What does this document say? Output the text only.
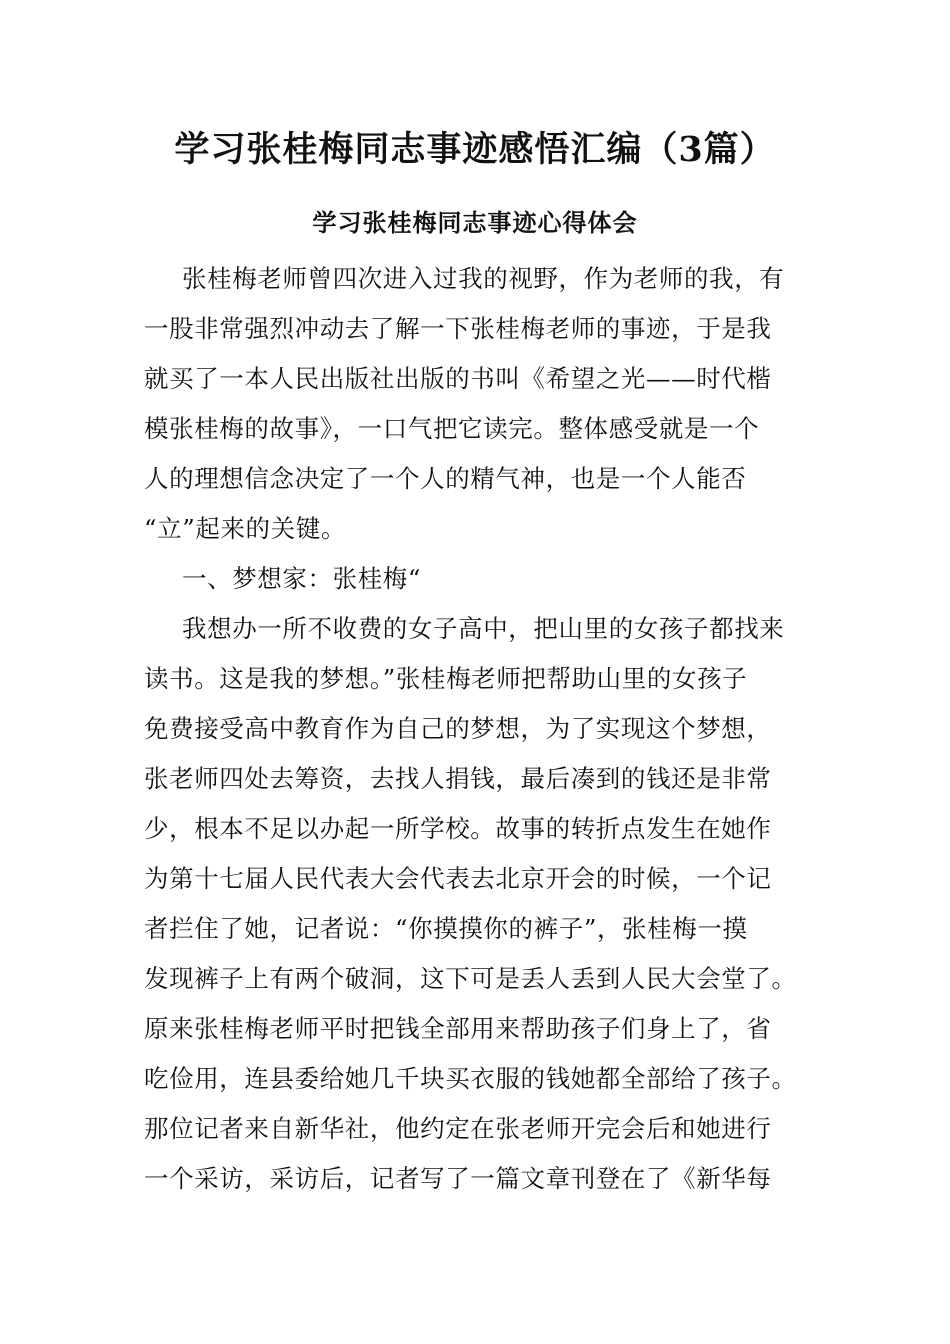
学习张桂梅同志事迹感悟汇编（3篇）
学习张桂梅同志事迹心得体会
张桂梅老师曾四次进入过我的视野，作为老师的我，有
一股非常强烈冲动去了解一下张桂梅老师的事迹，于是我
就买了一本人民出版社出版的书叫《希望之光——时代楷
模张桂梅的故事》，一口气把它读完。整体感受就是一个
人的理想信念决定了一个人的精气神，也是一个人能否
“立”起来的关键。
一、梦想家：张桂梅“
我想办一所不收费的女子高中，把山里的女孩子都找来
读书。这是我的梦想。”张桂梅老师把帮助山里的女孩子
免费接受高中教育作为自己的梦想，为了实现这个梦想，
张老师四处去筹资，去找人捐钱，最后凑到的钱还是非常
少，根本不足以办起一所学校。故事的转折点发生在她作
为第十七届人民代表大会代表去北京开会的时候，一个记
者拦住了她，记者说：“你摸摸你的裤子”，张桂梅一摸
发现裤子上有两个破洞，这下可是丢人丢到人民大会堂了。
原来张桂梅老师平时把钱全部用来帮助孩子们身上了，省
吃俭用，连县委给她几千块买衣服的钱她都全部给了孩子。
那位记者来自新华社，他约定在张老师开完会后和她进行
一个采访，采访后，记者写了一篇文章刊登在了《新华每
